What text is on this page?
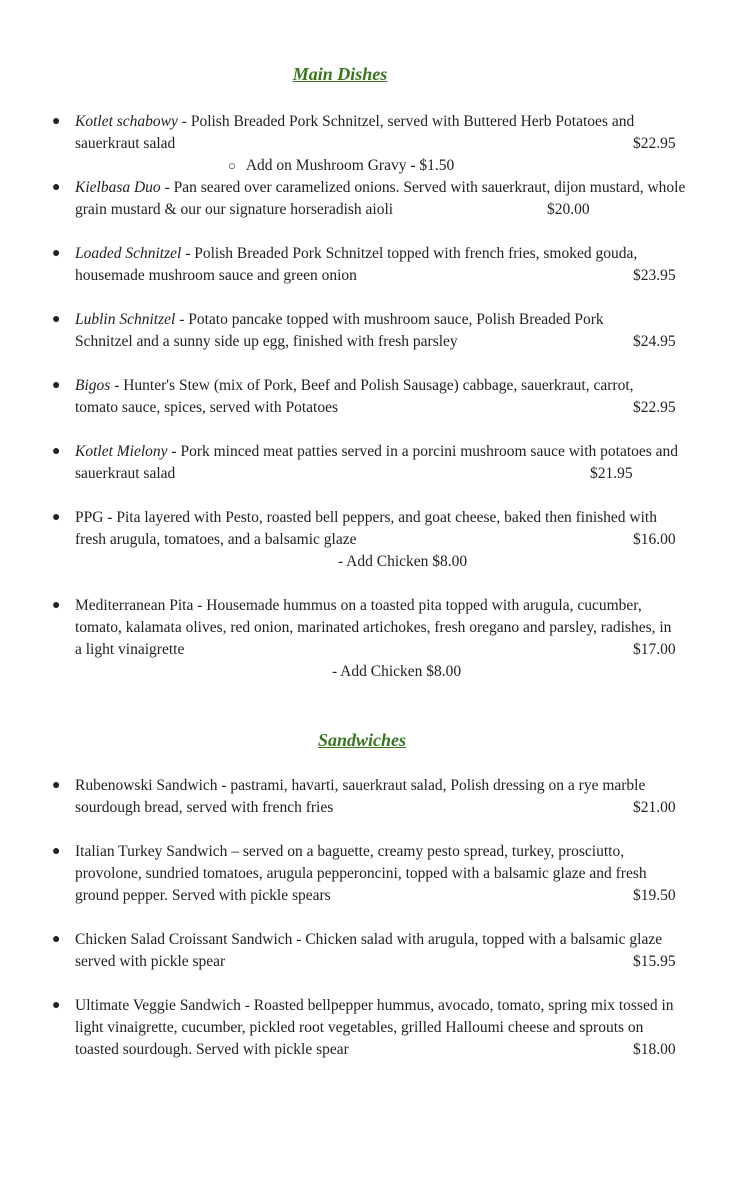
Main Dishes
● Kotlet schabowy - Polish Breaded Pork Schnitzel, served with Buttered Herb Potatoes and sauerkraut salad	$22.95
○ Add on Mushroom Gravy - $1.50
● Kielbasa Duo - Pan seared over caramelized onions. Served with sauerkraut, dijon mustard, whole grain mustard & our our signature horseradish aioli	$20.00
● Loaded Schnitzel - Polish Breaded Pork Schnitzel topped with french fries, smoked gouda, housemade mushroom sauce and green onion	$23.95
● Lublin Schnitzel - Potato pancake topped with mushroom sauce, Polish Breaded Pork Schnitzel and a sunny side up egg, finished with fresh parsley	$24.95
● Bigos - Hunter's Stew (mix of Pork, Beef and Polish Sausage) cabbage, sauerkraut, carrot, tomato sauce, spices, served with Potatoes	$22.95
● Kotlet Mielony - Pork minced meat patties served in a porcini mushroom sauce with potatoes and sauerkraut salad	$21.95
● PPG - Pita layered with Pesto, roasted bell peppers, and goat cheese, baked then finished with fresh arugula, tomatoes, and a balsamic glaze	$16.00
- Add Chicken $8.00
● Mediterranean Pita - Housemade hummus on a toasted pita topped with arugula, cucumber, tomato, kalamata olives, red onion, marinated artichokes, fresh oregano and parsley, radishes, in a light vinaigrette	$17.00
- Add Chicken $8.00
Sandwiches
● Rubenowski Sandwich - pastrami, havarti, sauerkraut salad, Polish dressing on a rye marble sourdough bread, served with french fries	$21.00
● Italian Turkey Sandwich – served on a baguette, creamy pesto spread, turkey, prosciutto, provolone, sundried tomatoes, arugula pepperoncini, topped with a balsamic glaze and fresh ground pepper. Served with pickle spears	$19.50
● Chicken Salad Croissant Sandwich - Chicken salad with arugula, topped with a balsamic glaze served with pickle spear	$15.95
● Ultimate Veggie Sandwich - Roasted bellpepper hummus, avocado, tomato, spring mix tossed in light vinaigrette, cucumber, pickled root vegetables, grilled Halloumi cheese and sprouts on toasted sourdough. Served with pickle spear	$18.00
